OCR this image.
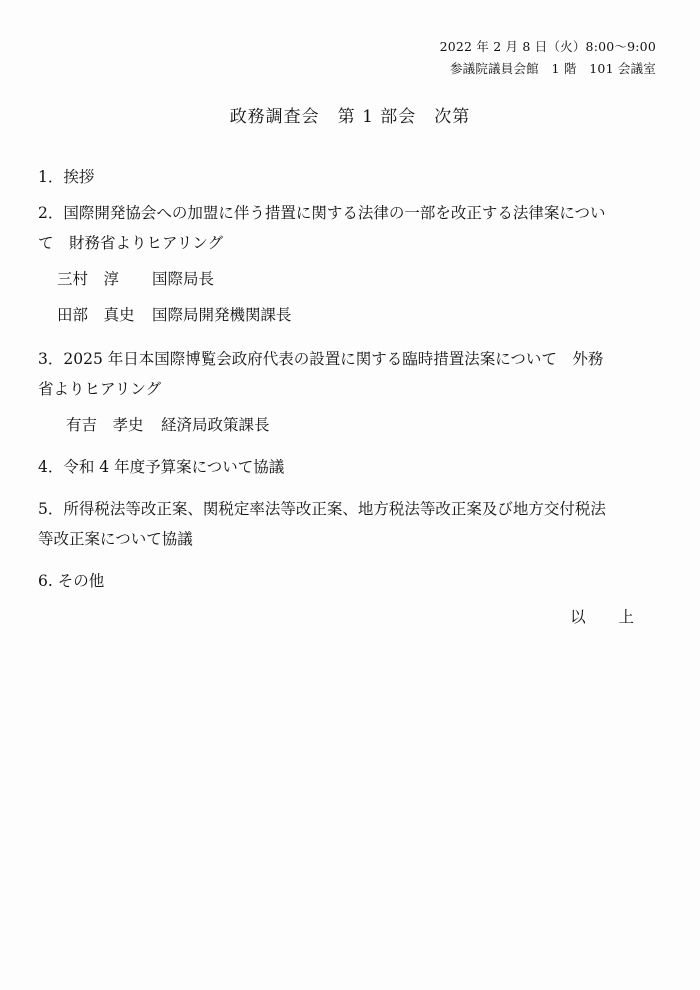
2022 年 2 月 8 日（火）8:00〜9:00
参議院議員会館　1 階　101 会議室
政務調査会　第 1 部会　次第
1．挨拶
2．国際開発協会への加盟に伴う措置に関する法律の一部を改正する法律案につい
て　財務省よりヒアリング
三村　淳 国際局長
田部　真史 国際局開発機関課長
3．2025 年日本国際博覧会政府代表の設置に関する臨時措置法案について　外務
省よりヒアリング
有吉　孝史 経済局政策課長
4．令和 4 年度予算案について協議
5．所得税法等改正案、関税定率法等改正案、地方税法等改正案及び地方交付税法
等改正案について協議
6. その他
以 上
